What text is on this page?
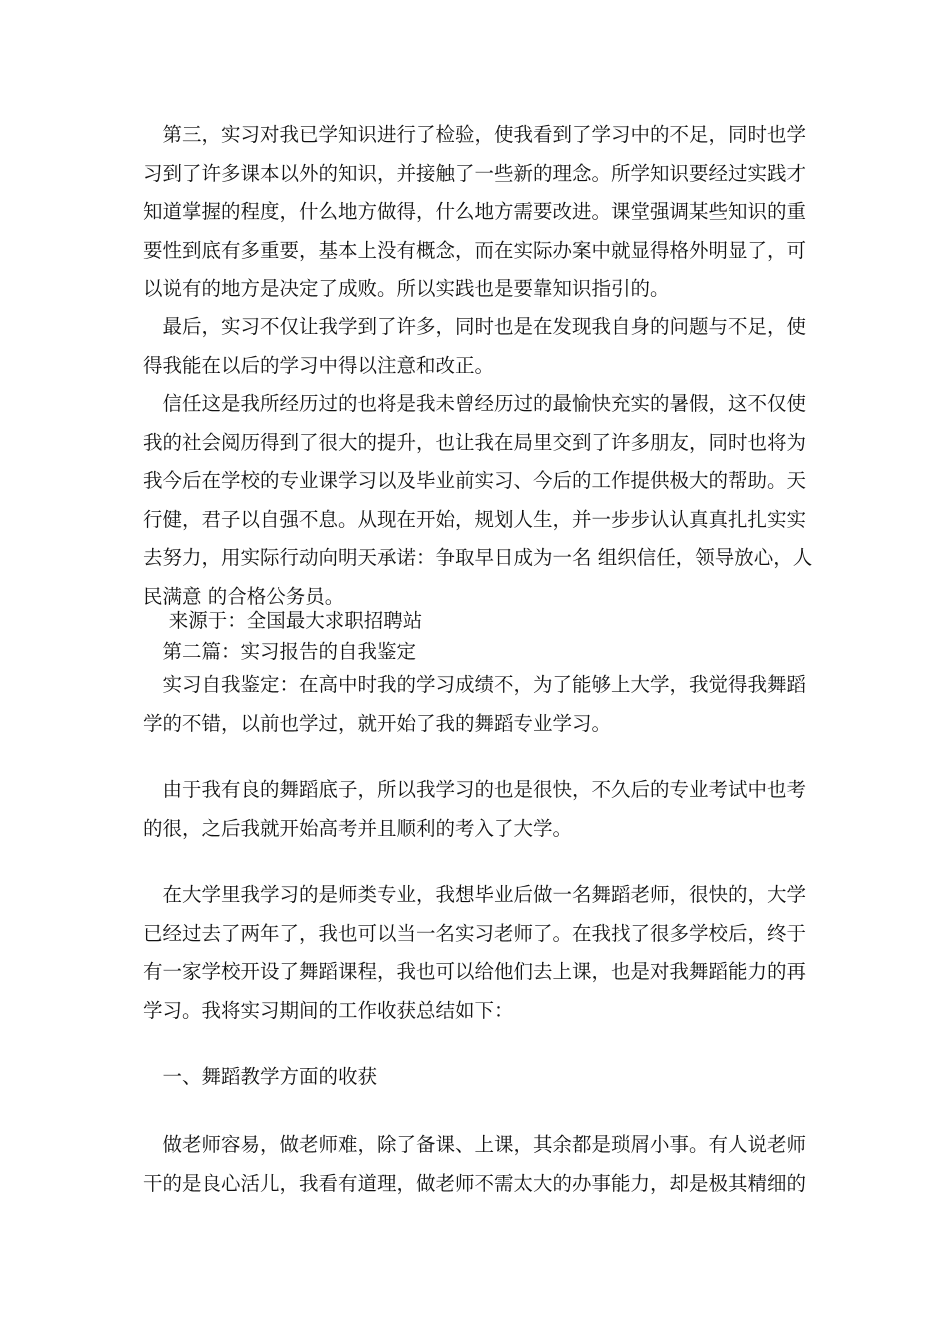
　第三，实习对我已学知识进行了检验，使我看到了学习中的不足，同时也学
习到了许多课本以外的知识，并接触了一些新的理念。所学知识要经过实践才
知道掌握的程度，什么地方做得，什么地方需要改进。课堂强调某些知识的重
要性到底有多重要，基本上没有概念，而在实际办案中就显得格外明显了，可
以说有的地方是决定了成败。所以实践也是要靠知识指引的。

　最后，实习不仅让我学到了许多，同时也是在发现我自身的问题与不足，使
得我能在以后的学习中得以注意和改正。

　信任这是我所经历过的也将是我未曾经历过的最愉快充实的暑假，这不仅使
我的社会阅历得到了很大的提升，也让我在局里交到了许多朋友，同时也将为
我今后在学校的专业课学习以及毕业前实习、今后的工作提供极大的帮助。天
行健，君子以自强不息。从现在开始，规划人生，并一步步认认真真扎扎实实
去努力，用实际行动向明天承诺：争取早日成为一名 组织信任，领导放心，人
民满意 的合格公务员。

　 来源于：全国最大求职招聘站

　第二篇：实习报告的自我鉴定

　实习自我鉴定：在高中时我的学习成绩不，为了能够上大学，我觉得我舞蹈
学的不错，以前也学过，就开始了我的舞蹈专业学习。

　由于我有良的舞蹈底子，所以我学习的也是很快，不久后的专业考试中也考
的很，之后我就开始高考并且顺利的考入了大学。

　在大学里我学习的是师类专业，我想毕业后做一名舞蹈老师，很快的，大学
已经过去了两年了，我也可以当一名实习老师了。在我找了很多学校后，终于
有一家学校开设了舞蹈课程，我也可以给他们去上课，也是对我舞蹈能力的再
学习。我将实习期间的工作收获总结如下：

　一、舞蹈教学方面的收获

　做老师容易，做老师难，除了备课、上课，其余都是琐屑小事。有人说老师
干的是良心活儿，我看有道理，做老师不需太大的办事能力，却是极其精细的
